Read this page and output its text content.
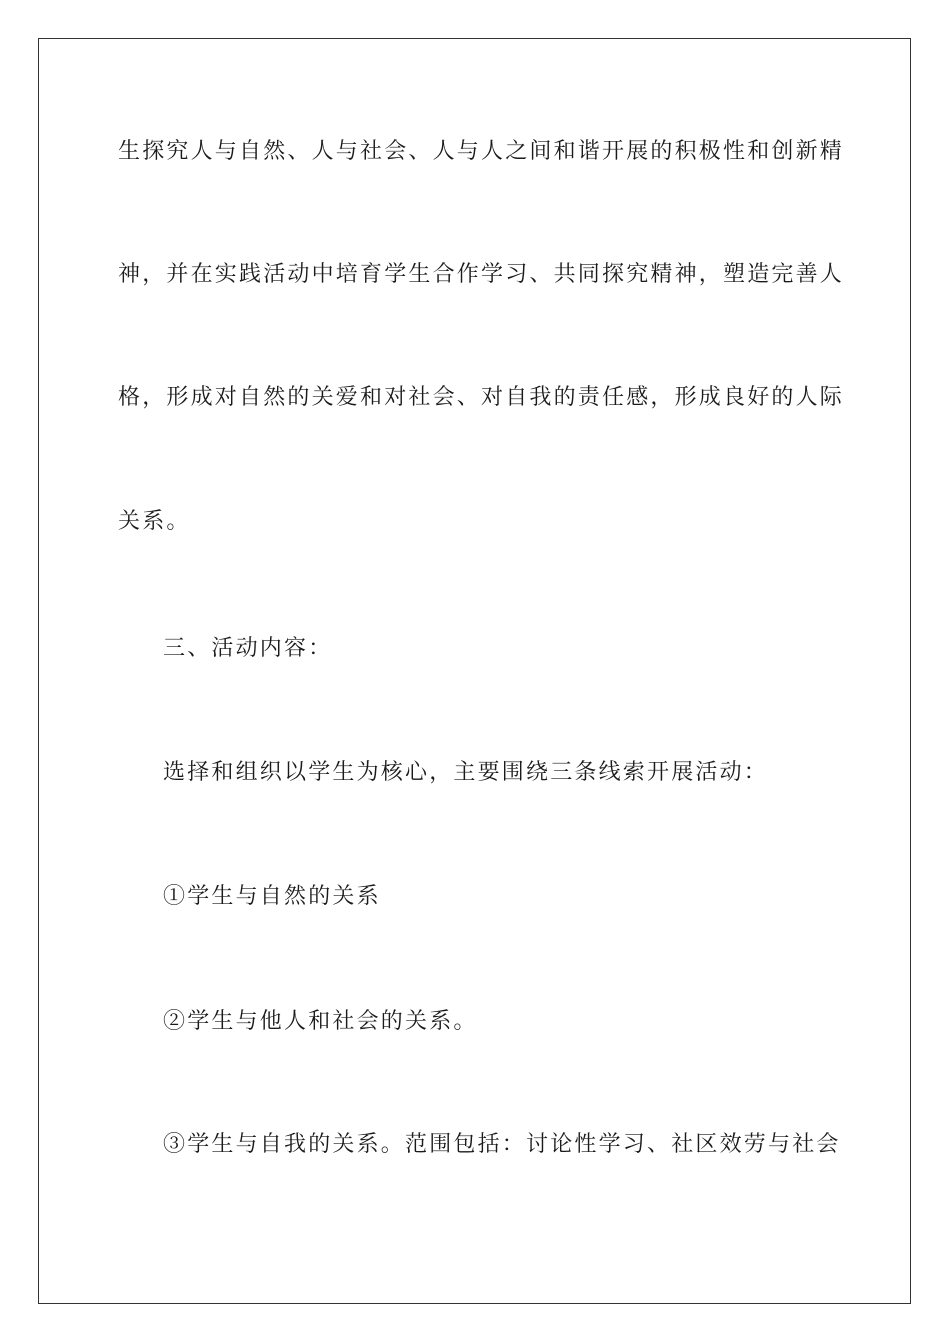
生探究人与自然、人与社会、人与人之间和谐开展的积极性和创新精
神，并在实践活动中培育学生合作学习、共同探究精神，塑造完善人
格，形成对自然的关爱和对社会、对自我的责任感，形成良好的人际
关系。
三、活动内容：
选择和组织以学生为核心，主要围绕三条线索开展活动：
①学生与自然的关系
②学生与他人和社会的关系。
③学生与自我的关系。范围包括：讨论性学习、社区效劳与社会
